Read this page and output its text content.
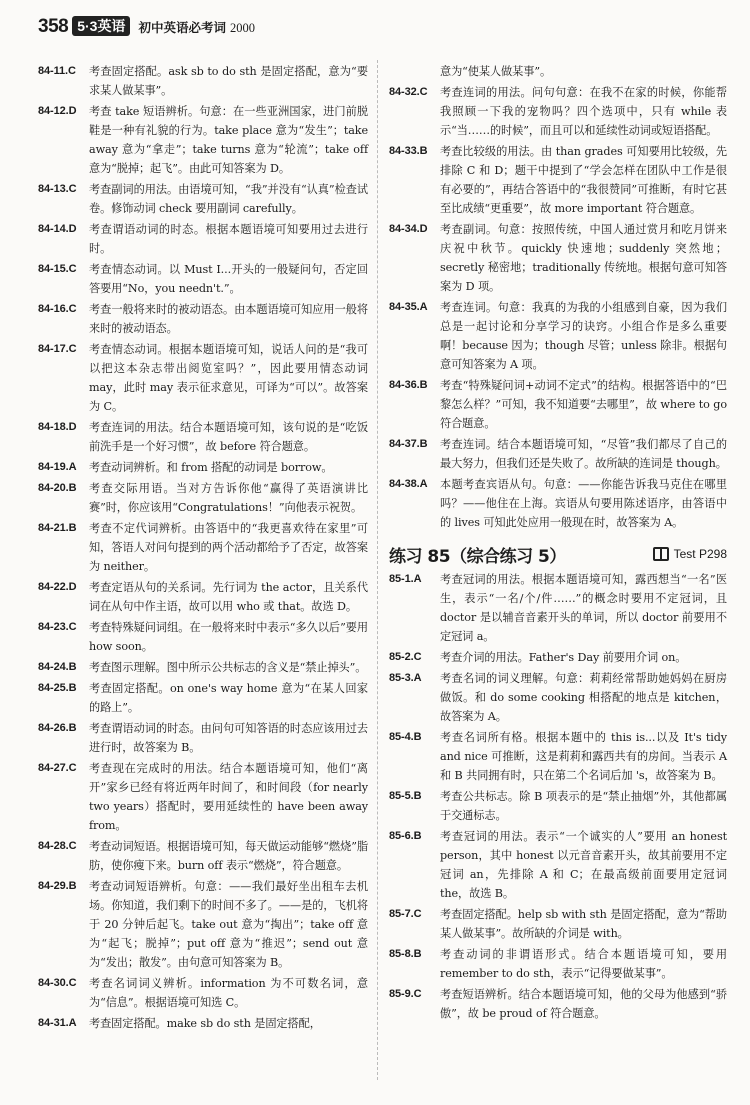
358 5·3英语	初中英语必考词 2000
84-11.C 考查固定搭配。ask sb to do sth 是固定搭配，意为“要求某人做某事”。
84-12.D 考查 take 短语辨析。句意：在一些亚洲国家，进门前脱鞋是一种有礼貌的行为。take place 意为“发生”；take away 意为“拿走”；take turns 意为“轮流”；take off 意为“脱掉；起飞”。由此可知答案为 D。
84-13.C 考查副词的用法。由语境可知，“我”并没有“认真”检查试卷。修饰动词 check 要用副词 carefully。
84-14.D 考查谓语动词的时态。根据本题语境可知要用过去进行时。
84-15.C 考查情态动词。以 Must I...开头的一般疑问句，否定回答要用“No，you needn't.”。
84-16.C 考查一般将来时的被动语态。由本题语境可知应用一般将来时的被动语态。
84-17.C 考查情态动词。根据本题语境可知，说话人问的是“我可以把这本杂志带出阅览室吗？”，因此要用情态动词 may，此时 may 表示征求意见，可译为“可以”。故答案为 C。
84-18.D 考查连词的用法。结合本题语境可知，该句说的是“吃饭前洗手是一个好习惯”，故 before 符合题意。
84-19.A 考查动词辨析。和 from 搭配的动词是 borrow。
84-20.B 考查交际用语。当对方告诉你他“赢得了英语演讲比赛”时，你应该用“Congratulations！”向他表示祝贺。
84-21.B 考查不定代词辨析。由答语中的“我更喜欢待在家里”可知，答语人对问句提到的两个活动都给予了否定，故答案为 neither。
84-22.D 考查定语从句的关系词。先行词为 the actor，且关系代词在从句中作主语，故可以用 who 或 that。故选 D。
84-23.C 考查特殊疑问词组。在一般将来时中表示“多久以后”要用 how soon。
84-24.B 考查图示理解。图中所示公共标志的含义是“禁止掉头”。
84-25.B 考查固定搭配。on one's way home 意为“在某人回家的路上”。
84-26.B 考查谓语动词的时态。由问句可知答语的时态应该用过去进行时，故答案为 B。
84-27.C 考查现在完成时的用法。结合本题语境可知，他们“离开”家乡已经有将近两年时间了，和时间段（for nearly two years）搭配时，要用延续性的 have been away from。
84-28.C 考查动词短语。根据语境可知，每天做运动能够“燃烧”脂肪，使你瘦下来。burn off 表示“燃烧”，符合题意。
84-29.B 考查动词短语辨析。句意：——我们最好坐出租车去机场。你知道，我们剩下的时间不多了。——是的，飞机将于 20 分钟后起飞。take out 意为“掏出”；take off 意为“起飞；脱掉”；put off 意为“推迟”；send out 意为“发出；散发”。由句意可知答案为 B。
84-30.C 考查名词词义辨析。information 为不可数名词，意为“信息”。根据语境可知选 C。
84-31.A 考查固定搭配。make sb do sth 是固定搭配，
意为“使某人做某事”。
84-32.C 考查连词的用法。问句句意：在我不在家的时候，你能帮我照顾一下我的宠物吗？四个选项中，只有 while 表示“当……的时候”，而且可以和延续性动词或短语搭配。
84-33.B 考查比较级的用法。由 than grades 可知要用比较级，先排除 C 和 D；题干中提到了“学会怎样在团队中工作是很有必要的”，再结合答语中的“我很赞同”可推断，有时它甚至比成绩“更重要”，故 more important 符合题意。
84-34.D 考查副词。句意：按照传统，中国人通过赏月和吃月饼来庆祝中秋节。quickly 快速地；suddenly 突然地；secretly 秘密地；traditionally 传统地。根据句意可知答案为 D 项。
84-35.A 考查连词。句意：我真的为我的小组感到自豪，因为我们总是一起讨论和分享学习的诀窍。小组合作是多么重要啊！because 因为；though 尽管；unless 除非。根据句意可知答案为 A 项。
84-36.B 考查“特殊疑问词+动词不定式”的结构。根据答语中的“巴黎怎么样？”可知，我不知道要“去哪里”，故 where to go 符合题意。
84-37.B 考查连词。结合本题语境可知，“尽管”我们都尽了自己的最大努力，但我们还是失败了。故所缺的连词是 though。
84-38.A 本题考查宾语从句。句意：——你能告诉我马克住在哪里吗？——他住在上海。宾语从句要用陈述语序，由答语中的 lives 可知此处应用一般现在时，故答案为 A。
练习 85（综合练习 5）	Test P298
85-1.A 考查冠词的用法。根据本题语境可知，露西想当“一名”医生，表示“一名/个/件……”的概念时要用不定冠词，且 doctor 是以辅音音素开头的单词，所以 doctor 前要用不定冠词 a。
85-2.C 考查介词的用法。Father's Day 前要用介词 on。
85-3.A 考查名词的词义理解。句意：莉莉经常帮助她妈妈在厨房做饭。和 do some cooking 相搭配的地点是 kitchen，故答案为 A。
85-4.B 考查名词所有格。根据本题中的 this is...以及 It's tidy and nice 可推断，这是莉莉和露西共有的房间。当表示 A 和 B 共同拥有时，只在第二个名词后加 's，故答案为 B。
85-5.B 考查公共标志。除 B 项表示的是“禁止抽烟”外，其他都属于交通标志。
85-6.B 考查冠词的用法。表示“一个诚实的人”要用 an honest person，其中 honest 以元音音素开头，故其前要用不定冠词 an，先排除 A 和 C；在最高级前面要用定冠词 the，故选 B。
85-7.C 考查固定搭配。help sb with sth 是固定搭配，意为“帮助某人做某事”。故所缺的介词是 with。
85-8.B 考查动词的非谓语形式。结合本题语境可知，要用 remember to do sth，表示“记得要做某事”。
85-9.C 考查短语辨析。结合本题语境可知，他的父母为他感到“骄傲”，故 be proud of 符合题意。
